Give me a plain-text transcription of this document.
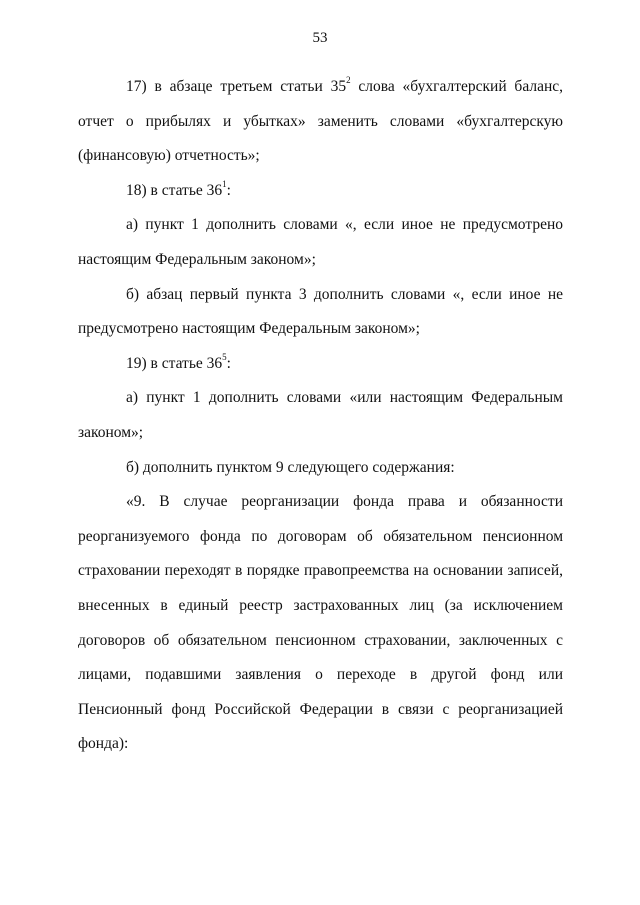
53

17) в абзаце третьем статьи $35^2$ слова «бухгалтерский баланс, отчет о прибылях и убытках» заменить словами «бухгалтерскую (финансовую) отчетность»;

18) в статье $36^1$:

а) пункт 1 дополнить словами «, если иное не предусмотрено настоящим Федеральным законом»;

б) абзац первый пункта 3 дополнить словами «, если иное не предусмотрено настоящим Федеральным законом»;

19) в статье $36^5$:

а) пункт 1 дополнить словами «или настоящим Федеральным законом»;

б) дополнить пунктом 9 следующего содержания:

«9. В случае реорганизации фонда права и обязанности реорганизуемого фонда по договорам об обязательном пенсионном страховании переходят в порядке правопреемства на основании записей, внесенных в единый реестр застрахованных лиц (за исключением договоров об обязательном пенсионном страховании, заключенных с лицами, подавшими заявления о переходе в другой фонд или Пенсионный фонд Российской Федерации в связи с реорганизацией фонда):
